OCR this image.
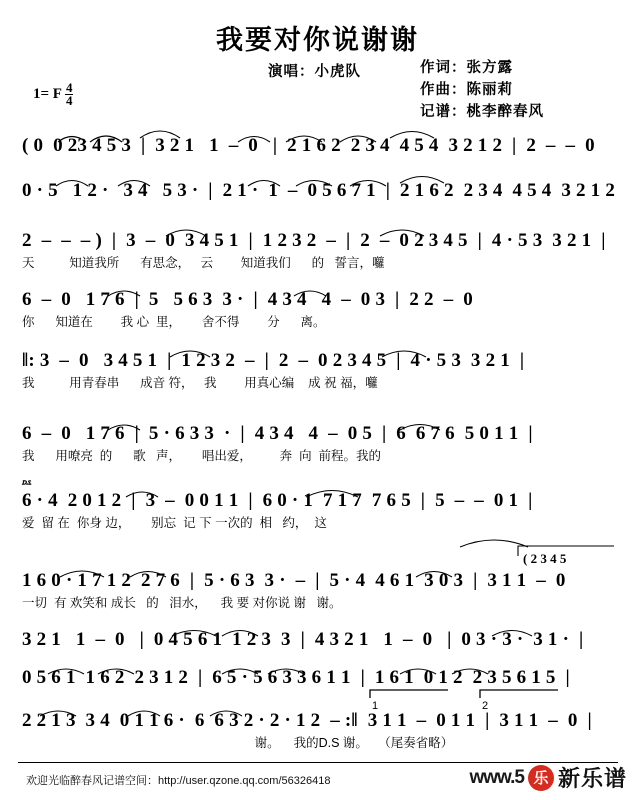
我要对你说谢谢
演唱：小虎队	作词：张方露
作曲：陈丽莉
记谱：桃李醉春风
1= F $\frac{4}{4}$
( 0  0 23 4 5 3  |  3 2 1   1  –  0   |  2 1 6 2  2 3 4  4 5 4  3 2 1 2  |  2  –  –  0
0 · 5   1 2 ·   3 4   5 3 ·  |  2 1 ·  1  –  0 5 6 7 1  |  2 1 6 2  2 3 4  4 5 4  3 2 1 2
2  –  –  – )  |  3  –  0  3 4 5 1  |  1 2 3 2  –  |  2  –  0 2 3 4 5  |  4 · 5 3  3 2 1  |
天          知道我所      有思念，   云        知道我们      的   誓言，囖
6  –  0   1 7 6  |  5   5 6 3  3 ·  |  4 3 4   4  –  0 3  |  2 2  –  0
你      知道在        我 心  里，      舍不得        分      离。
‖: 3  –  0   3 4 5 1  |  1 2 3 2  –  |  2  –  0 2 3 4 5  |  4 · 5 3  3 2 1  |
我          用青春串      成音 符，   我        用真心编    成 祝 福，囖
6  –  0   1 7 6  |  5 · 6 3 3  ·  |  4 3 4   4  –  0 5  |  6  6 7 6  5 0 1 1  |
我      用嘹亮  的      歌   声，      唱出爱，        奔  向  前程。我的
6 · 4  2 0 1 2  |  3  –  0 0 1 1  |  6 0 · 1  7 1 7  7 6 5  |  5  –  –  0 1  |
爱  留 在  你身 边，      别忘  记 下 一次的  相   约，  这
1 6 0 · 1 7 1 2  2 7 6  |  5 · 6 3  3 ·  –  |  5 · 4  4 6 1  3 0 3  |  3 1 1  –  0
一切  有 欢笑和 成长   的   泪水，    我 要 对你说 谢   谢。
3 2 1   1  –  0   |  0 4 5 6 1  1 2 3  3  |  4 3 2 1   1  –  0   |  0 3 · 3 ·  3 1 ·  |
0 5 6 1  1 6 2  2 3 1 2  |  6 5 · 5 6 3 3 6 1 1  |  1 6 1  0 1 2  2 3 5 6 1 5  |
2 2 1 3  3 4  0 1 1 6 ·  6  6 3 2 · 2 · 1 2  – :‖  3 1 1  –  0 1 1  |  3 1 1  –  0  |
谢。    我的D.S 谢。   （尾奏省略）
𝄉
( 2 3 4 5
1	2
欢迎光临醉春风记谱空间：http://user.qzone.qq.com/56326418	www.5 乐 新乐谱
